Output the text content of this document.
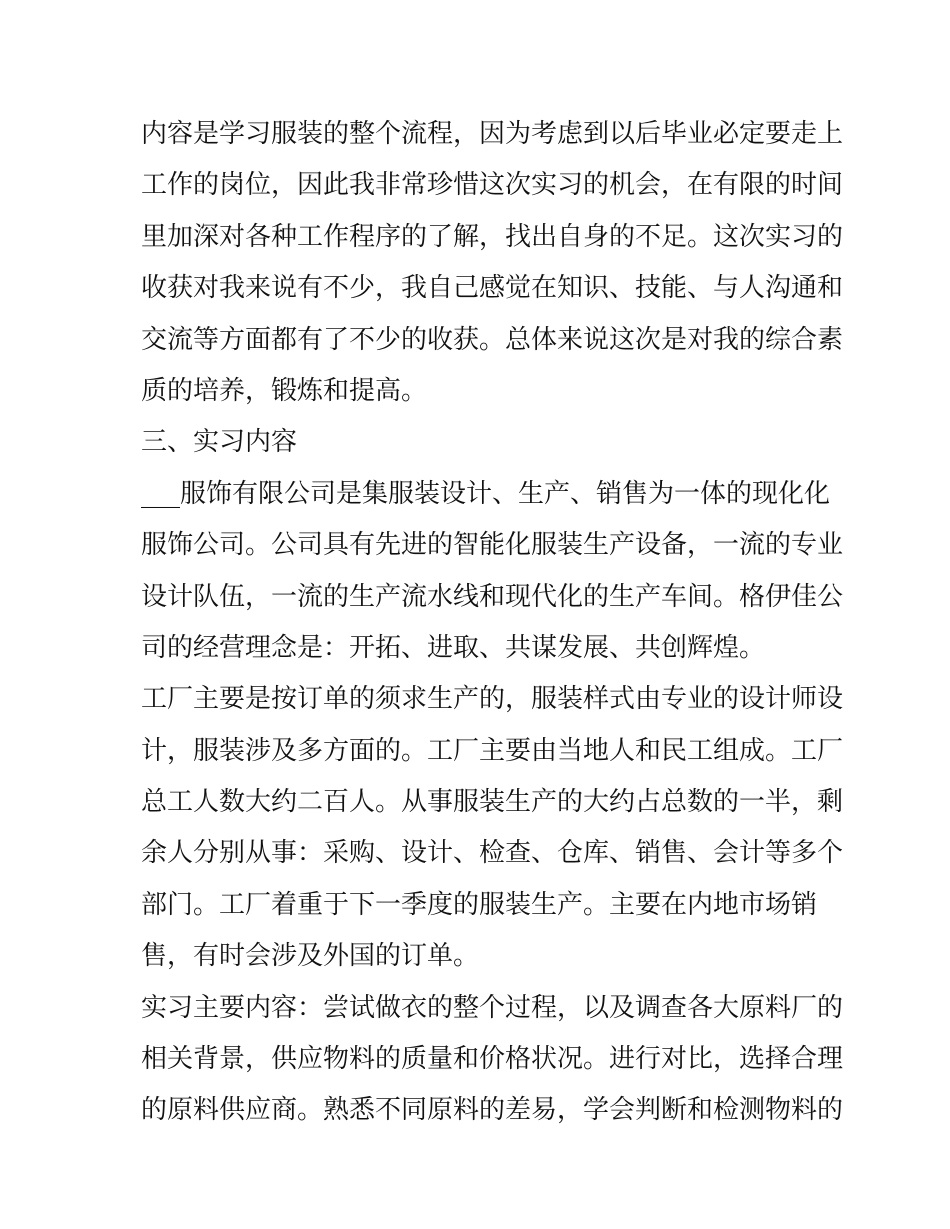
内容是学习服装的整个流程，因为考虑到以后毕业必定要走上
工作的岗位，因此我非常珍惜这次实习的机会，在有限的时间
里加深对各种工作程序的了解，找出自身的不足。这次实习的
收获对我来说有不少，我自己感觉在知识、技能、与人沟通和
交流等方面都有了不少的收获。总体来说这次是对我的综合素
质的培养，锻炼和提高。
三、实习内容
___服饰有限公司是集服装设计、生产、销售为一体的现化化
服饰公司。公司具有先进的智能化服装生产设备，一流的专业
设计队伍，一流的生产流水线和现代化的生产车间。格伊佳公
司的经营理念是：开拓、进取、共谋发展、共创辉煌。
工厂主要是按订单的须求生产的，服装样式由专业的设计师设
计，服装涉及多方面的。工厂主要由当地人和民工组成。工厂
总工人数大约二百人。从事服装生产的大约占总数的一半，剩
余人分别从事：采购、设计、检查、仓库、销售、会计等多个
部门。工厂着重于下一季度的服装生产。主要在内地市场销
售，有时会涉及外国的订单。
实习主要内容：尝试做衣的整个过程，以及调查各大原料厂的
相关背景，供应物料的质量和价格状况。进行对比，选择合理
的原料供应商。熟悉不同原料的差易，学会判断和检测物料的
